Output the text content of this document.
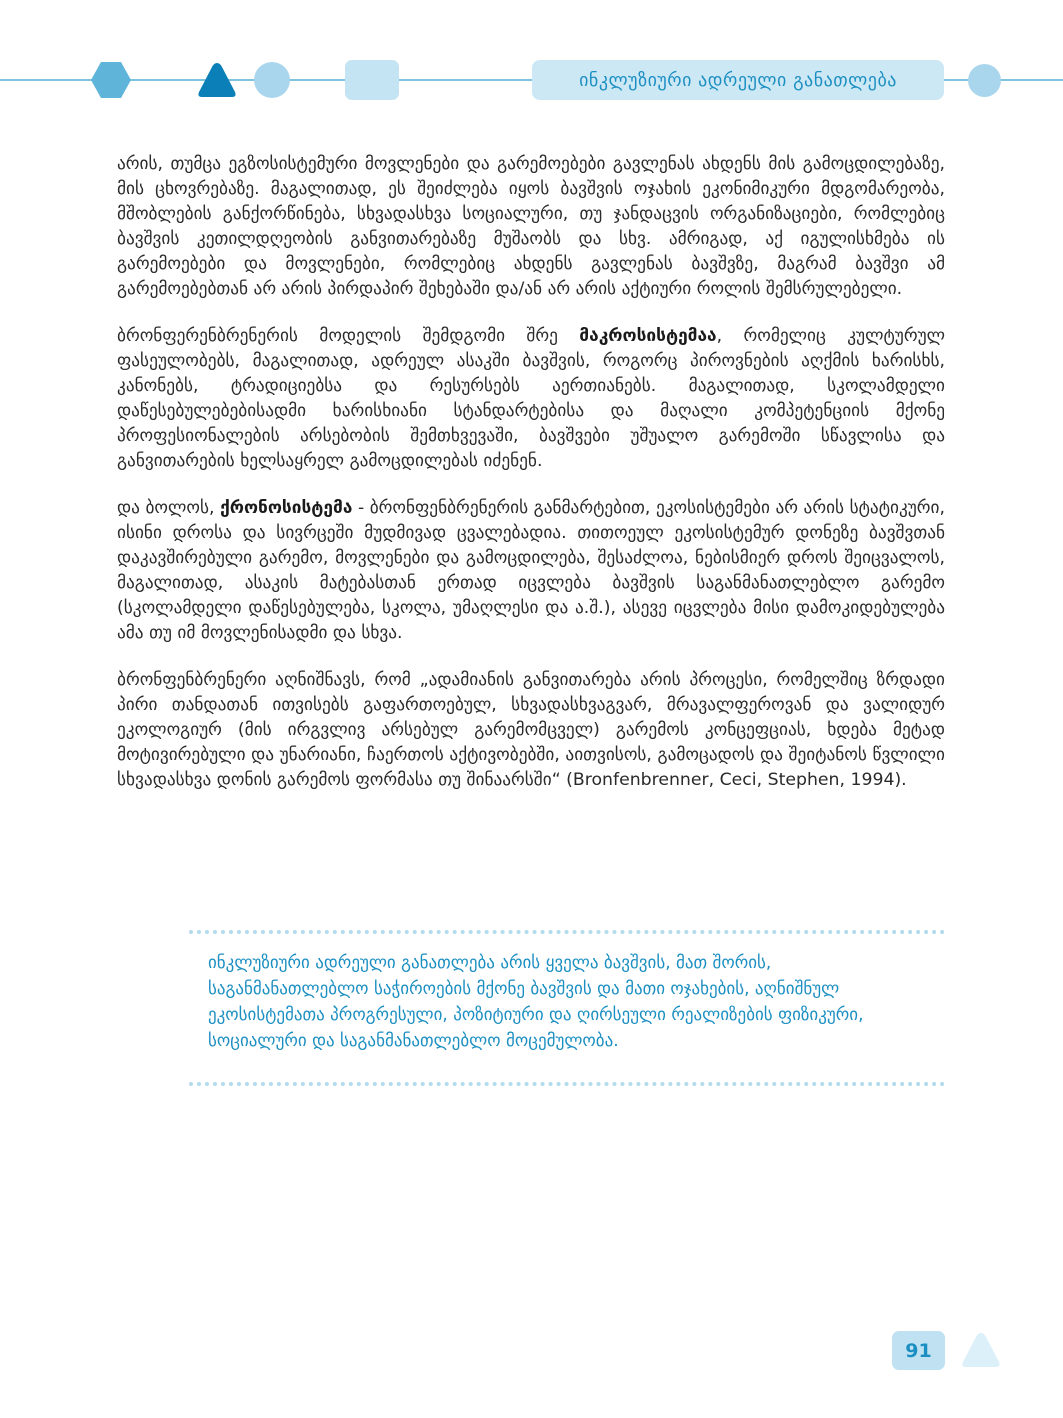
ინკლუზიური ადრეული განათლება

არის, თუმცა ეგზოსისტემური მოვლენები და გარემოებები გავლენას ახდენს მის გამოცდილებაზე, მის ცხოვრებაზე. მაგალითად, ეს შეიძლება იყოს ბავშვის ოჯახის ეკონიმიკური მდგომარეობა, მშობლების განქორწინება, სხვადასხვა სოციალური, თუ ჯანდაცვის ორგანიზაციები, რომლებიც ბავშვის კეთილდღეობის განვითარებაზე მუშაობს და სხვ. ამრიგად, აქ იგულისხმება ის გარემოებები და მოვლენები, რომლებიც ახდენს გავლენას ბავშვზე, მაგრამ ბავშვი ამ გარემოებებთან არ არის პირდაპირ შეხებაში და/ან არ არის აქტიური როლის შემსრულებელი.

ბრონფერენბრენერის მოდელის შემდგომი შრე მაკროსისტემაა, რომელიც კულტურულ ფასეულობებს, მაგალითად, ადრეულ ასაკში ბავშვის, როგორც პიროვნების აღქმის ხარისხს, კანონებს, ტრადიციებსა და რესურსებს აერთიანებს. მაგალითად, სკოლამდელი დაწესებულებებისადმი ხარისხიანი სტანდარტებისა და მაღალი კომპეტენციის მქონე პროფესიონალების არსებობის შემთხვევაში, ბავშვები უშუალო გარემოში სწავლისა და განვითარების ხელსაყრელ გამოცდილებას იძენენ.

და ბოლოს, ქრონოსისტემა - ბრონფენბრენერის განმარტებით, ეკოსისტემები არ არის სტატიკური, ისინი დროსა და სივრცეში მუდმივად ცვალებადია. თითოეულ ეკოსისტემურ დონეზე ბავშვთან დაკავშირებული გარემო, მოვლენები და გამოცდილება, შესაძლოა, ნებისმიერ დროს შეიცვალოს, მაგალითად, ასაკის მატებასთან ერთად იცვლება ბავშვის საგანმანათლებლო გარემო (სკოლამდელი დაწესებულება, სკოლა, უმაღლესი და ა.შ.), ასევე იცვლება მისი დამოკიდებულება ამა თუ იმ მოვლენისადმი და სხვა.

ბრონფენბრენერი აღნიშნავს, რომ „ადამიანის განვითარება არის პროცესი, რომელშიც ზრდადი პირი თანდათან ითვისებს გაფართოებულ, სხვადასხვაგვარ, მრავალფეროვან და ვალიდურ ეკოლოგიურ (მის ირგვლივ არსებულ გარემომცველ) გარემოს კონცეფციას, ხდება მეტად მოტივირებული და უნარიანი, ჩაერთოს აქტივობებში, აითვისოს, გამოცადოს და შეიტანოს წვლილი სხვადასხვა დონის გარემოს ფორმასა თუ შინაარსში“ (Bronfenbrenner, Ceci, Stephen, 1994).

ინკლუზიური ადრეული განათლება არის ყველა ბავშვის, მათ შორის, საგანმანათლებლო საჭიროების მქონე ბავშვის და მათი ოჯახების, აღნიშნულ ეკოსისტემათა პროგრესული, პოზიტიური და ღირსეული რეალიზების ფიზიკური, სოციალური და საგანმანათლებლო მოცემულობა.
91
